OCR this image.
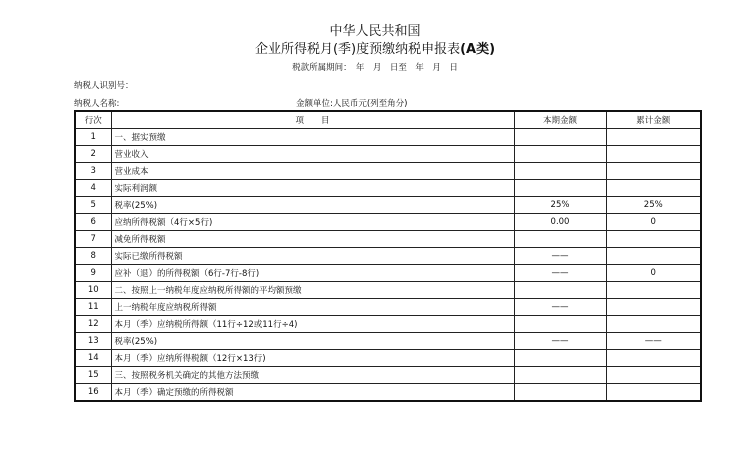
中华人民共和国
企业所得税月(季)度预缴纳税申报表(A类)
税款所属期间：　年　月　日至　年　月　日
纳税人识别号：
纳税人名称:	金额单位:人民币元(列至角分)
行次	项　　目	本期金额	累计金额
1	一、据实预缴		
2	营业收入		
3	营业成本		
4	实际利润额		
5	税率(25%)	25%	25%
6	应纳所得税额（4行×5行)	0.00	0
7	减免所得税额		
8	实际已缴所得税额	——	
9	应补（退）的所得税额（6行-7行-8行)	——	0
10	二、按照上一纳税年度应纳税所得额的平均额预缴		
11	上一纳税年度应纳税所得额	——	
12	本月（季）应纳税所得额（11行÷12或11行÷4)		
13	税率(25%)	——	——
14	本月（季）应纳所得税额（12行×13行)		
15	三、按照税务机关确定的其他方法预缴		
16	本月（季）确定预缴的所得税额		
